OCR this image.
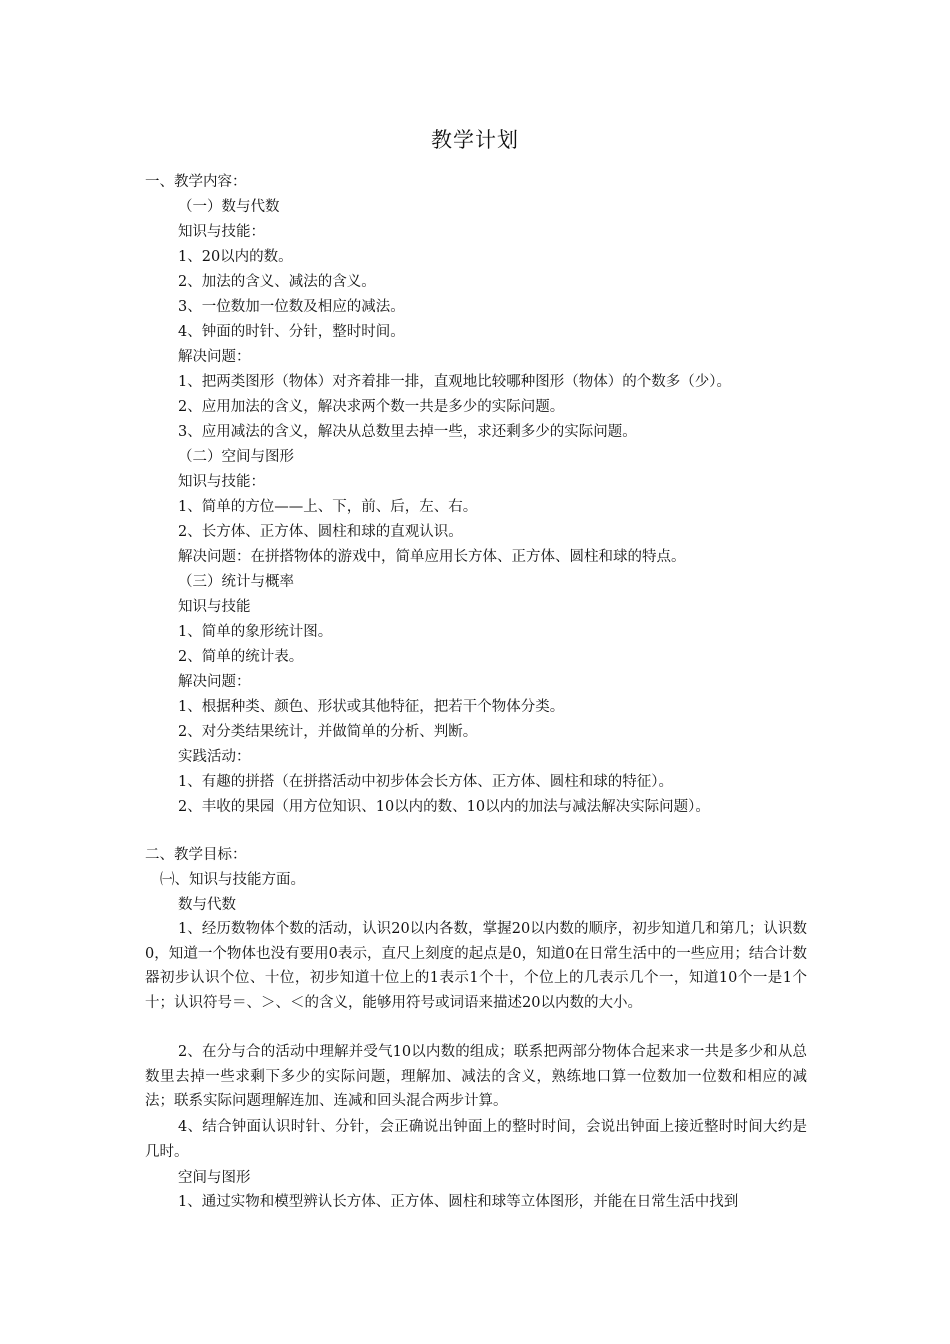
教学计划
一、教学内容：
（一）数与代数
知识与技能：
1、20以内的数。
2、加法的含义、减法的含义。
3、一位数加一位数及相应的减法。
4、钟面的时针、分针，整时时间。
解决问题：
1、把两类图形（物体）对齐着排一排，直观地比较哪种图形（物体）的个数多（少）。
2、应用加法的含义，解决求两个数一共是多少的实际问题。
3、应用减法的含义，解决从总数里去掉一些，求还剩多少的实际问题。
（二）空间与图形
知识与技能：
1、简单的方位——上、下，前、后，左、右。
2、长方体、正方体、圆柱和球的直观认识。
解决问题：在拼搭物体的游戏中，简单应用长方体、正方体、圆柱和球的特点。
（三）统计与概率
知识与技能
1、简单的象形统计图。
2、简单的统计表。
解决问题：
1、根据种类、颜色、形状或其他特征，把若干个物体分类。
2、对分类结果统计，并做简单的分析、判断。
实践活动：
1、有趣的拼搭（在拼搭活动中初步体会长方体、正方体、圆柱和球的特征）。
2、丰收的果园（用方位知识、10以内的数、10以内的加法与减法解决实际问题）。
二、教学目标：
㈠、知识与技能方面。
数与代数

1、经历数物体个数的活动，认识20以内各数，掌握20以内数的顺序，初步知道几和第几；认识数0，知道一个物体也没有要用0表示，直尺上刻度的起点是0，知道0在日常生活中的一些应用；结合计数器初步认识个位、十位，初步知道十位上的1表示1个十，个位上的几表示几个一，知道10个一是1个十；认识符号＝、＞、＜的含义，能够用符号或词语来描述20以内数的大小。

2、在分与合的活动中理解并受气10以内数的组成；联系把两部分物体合起来求一共是多少和从总数里去掉一些求剩下多少的实际问题，理解加、减法的含义，熟练地口算一位数加一位数和相应的减法；联系实际问题理解连加、连减和回头混合两步计算。

4、结合钟面认识时针、分针，会正确说出钟面上的整时时间，会说出钟面上接近整时时间大约是几时。

空间与图形

1、通过实物和模型辨认长方体、正方体、圆柱和球等立体图形，并能在日常生活中找到
